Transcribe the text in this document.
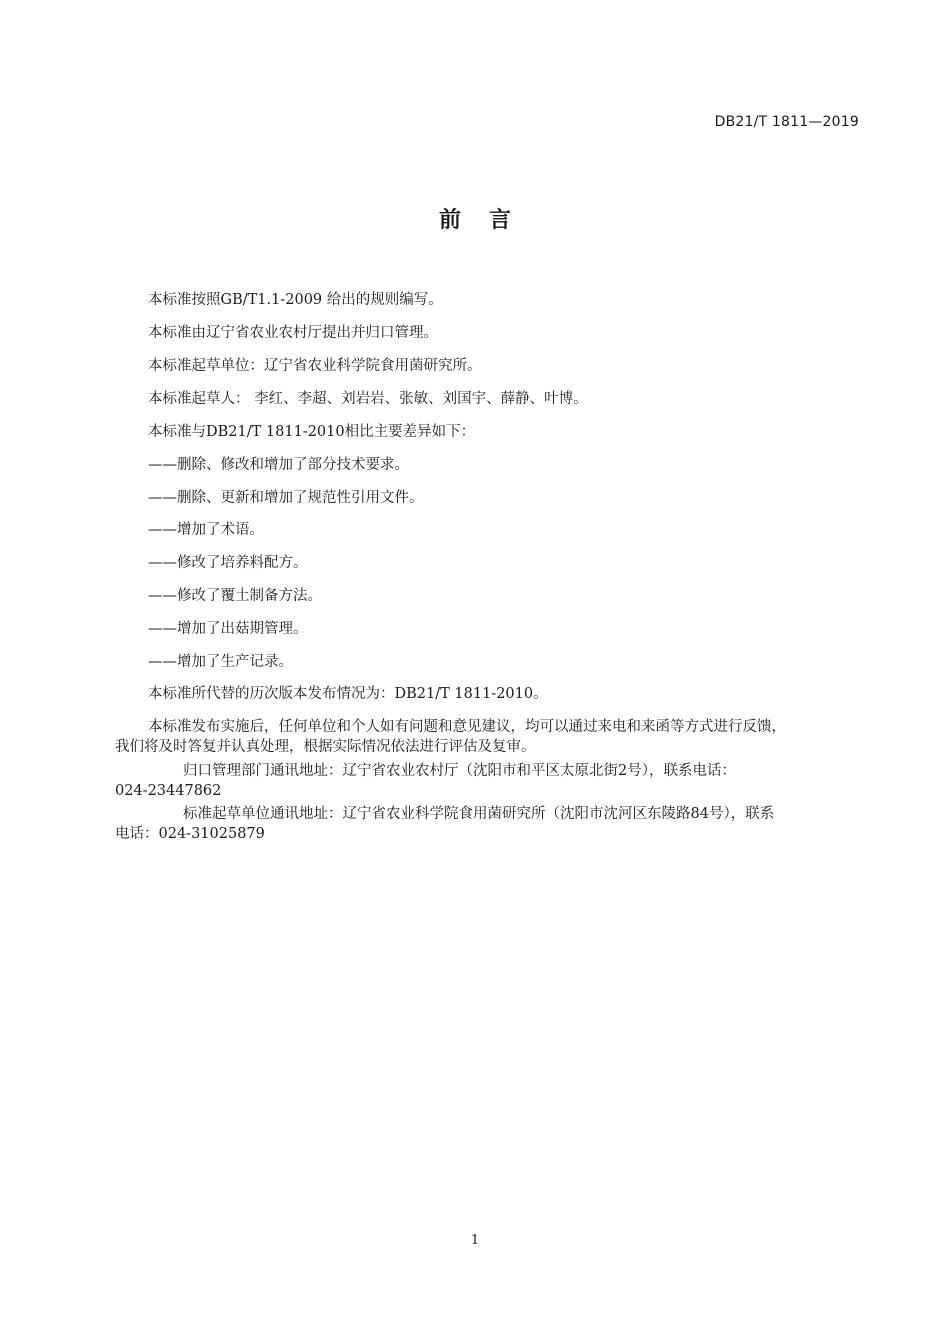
DB21/T 1811—2019
前言
本标准按照GB/T1.1-2009 给出的规则编写。
本标准由辽宁省农业农村厅提出并归口管理。
本标准起草单位：辽宁省农业科学院食用菌研究所。
本标准起草人： 李红、李超、刘岩岩、张敏、刘国宇、薛静、叶博。
本标准与DB21/T 1811-2010相比主要差异如下：
——删除、修改和增加了部分技术要求。
——删除、更新和增加了规范性引用文件。
——增加了术语。
——修改了培养料配方。
——修改了覆土制备方法。
——增加了出菇期管理。
——增加了生产记录。
本标准所代替的历次版本发布情况为：DB21/T 1811-2010。
本标准发布实施后，任何单位和个人如有问题和意见建议，均可以通过来电和来函等方式进行反馈，
我们将及时答复并认真处理，根据实际情况依法进行评估及复审。
归口管理部门通讯地址：辽宁省农业农村厅（沈阳市和平区太原北街2号），联系电话：
024-23447862
标准起草单位通讯地址：辽宁省农业科学院食用菌研究所（沈阳市沈河区东陵路84号），联系
电话：024-31025879
1
